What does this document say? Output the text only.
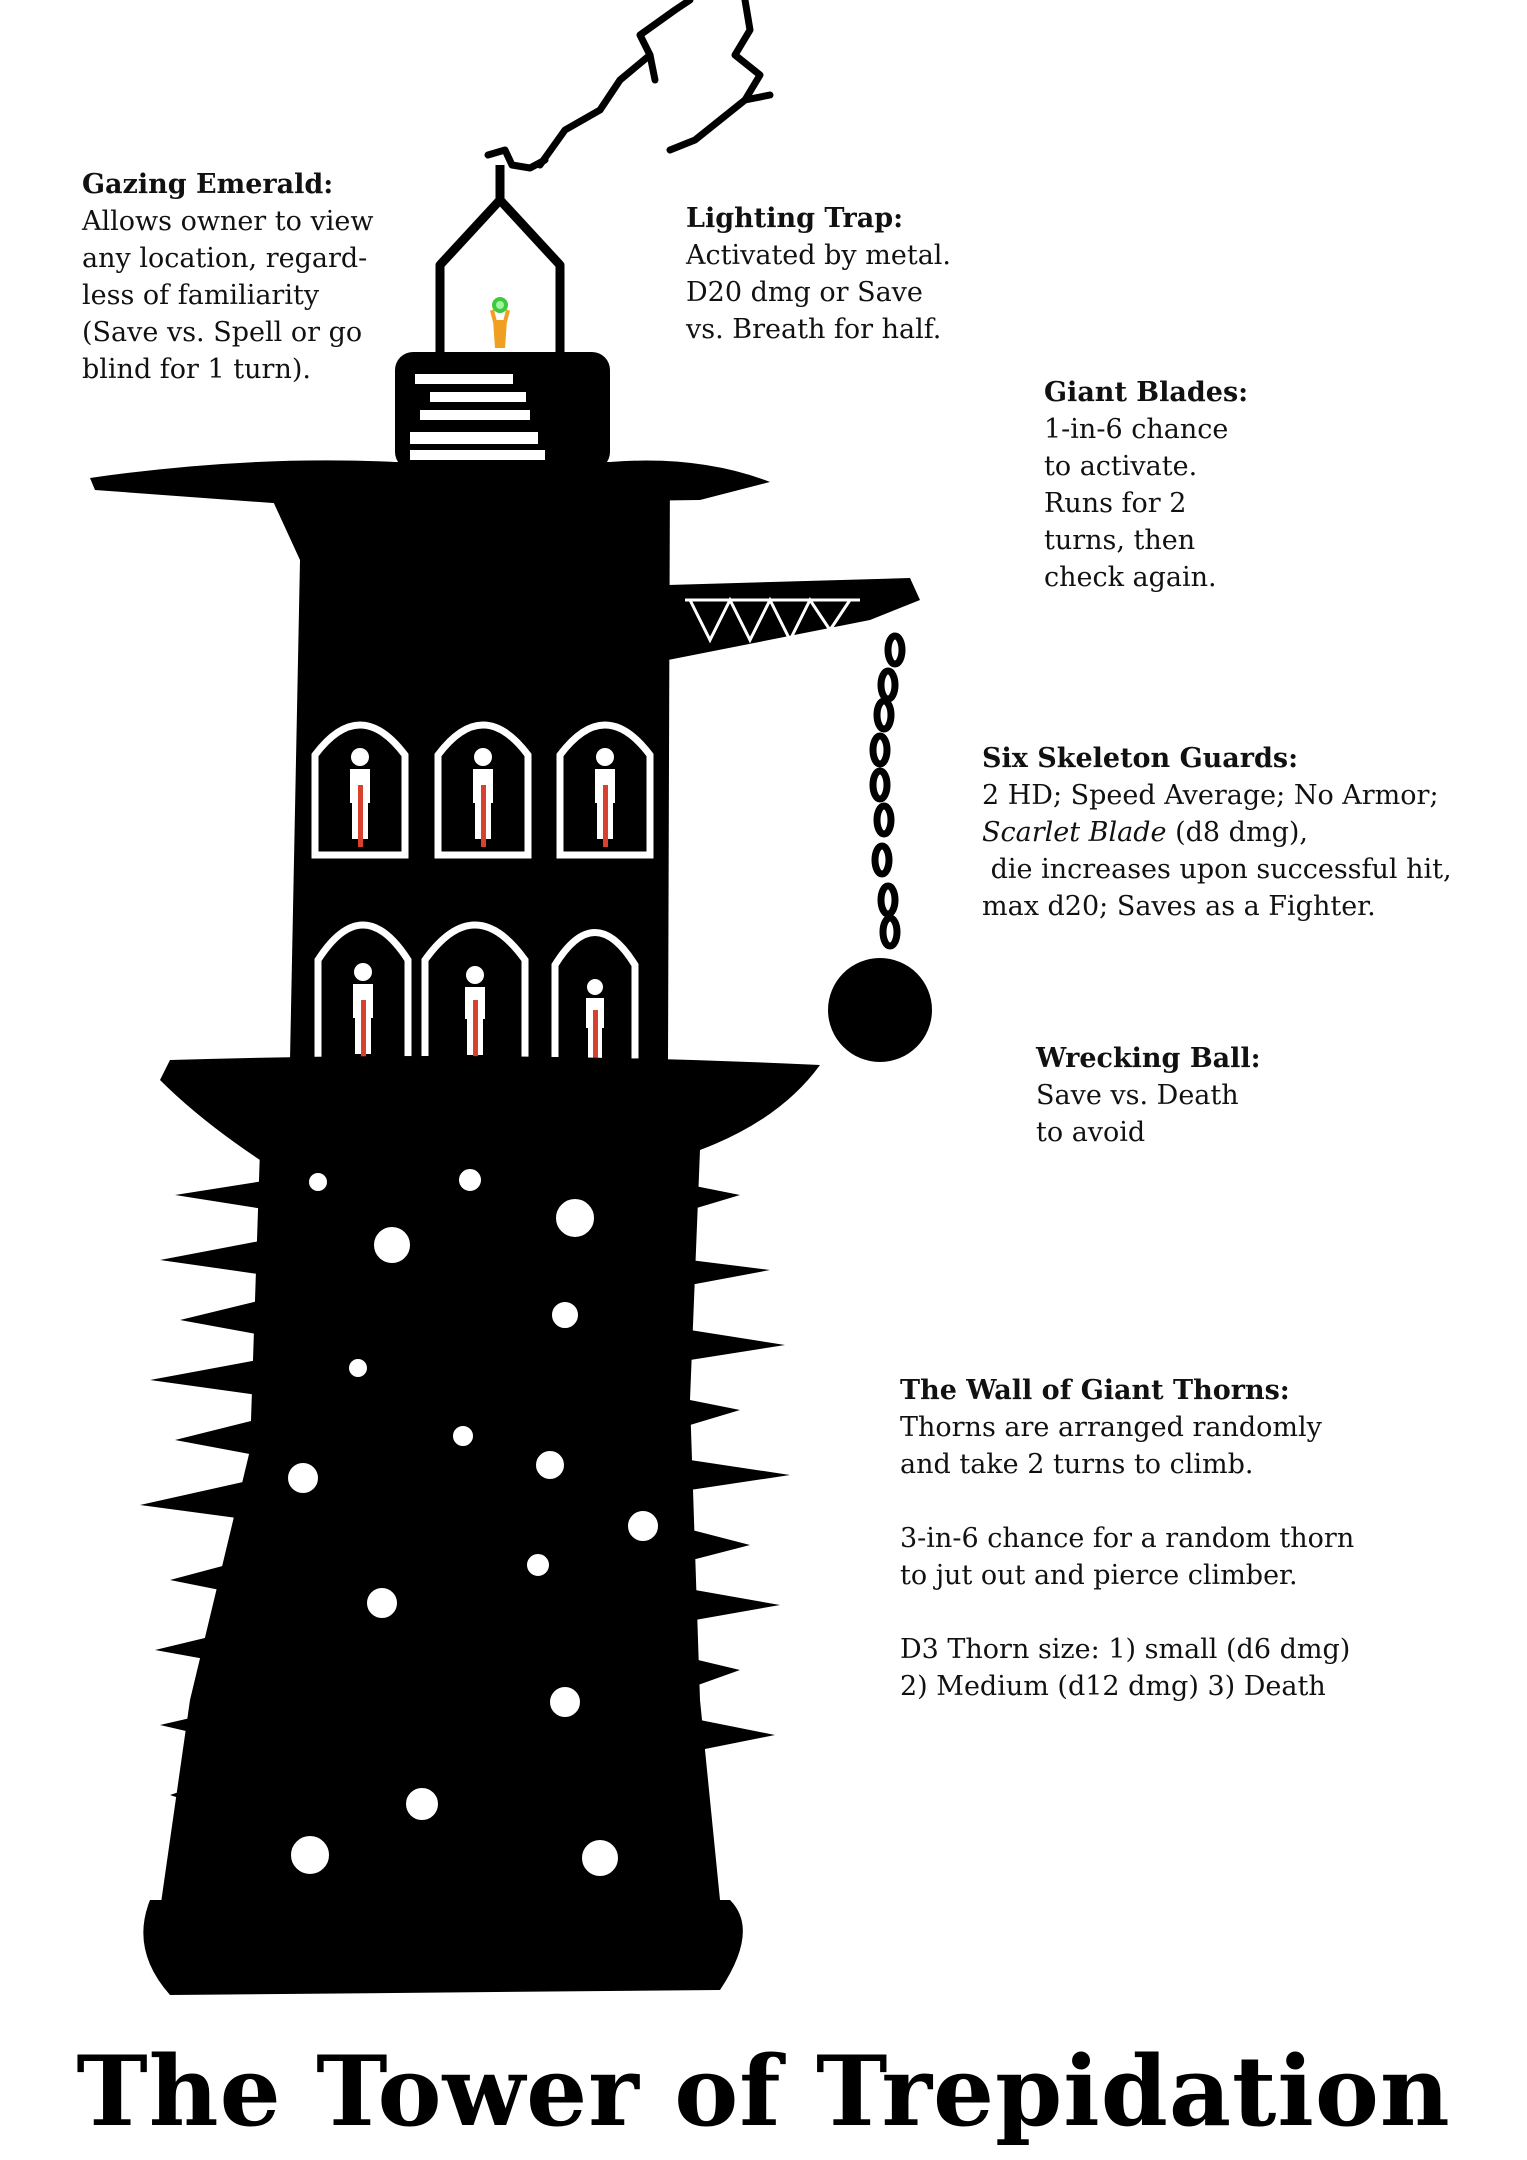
Gazing Emerald:
Allows owner to view
any location, regard-
less of familiarity
(Save vs. Spell or go
blind for 1 turn).
Lighting Trap:
Activated by metal.
D20 dmg or Save
vs. Breath for half.
Giant Blades:
1-in-6 chance
to activate.
Runs for 2
turns, then
check again.
Six Skeleton Guards:
2 HD; Speed Average; No Armor;
Scarlet Blade (d8 dmg),
die increases upon successful hit,
max d20; Saves as a Fighter.
Wrecking Ball:
Save vs. Death
to avoid
The Wall of Giant Thorns:
Thorns are arranged randomly
and take 2 turns to climb.
3-in-6 chance for a random thorn
to jut out and pierce climber.
D3 Thorn size: 1) small (d6 dmg)
2) Medium (d12 dmg) 3) Death
The Tower of Trepidation
